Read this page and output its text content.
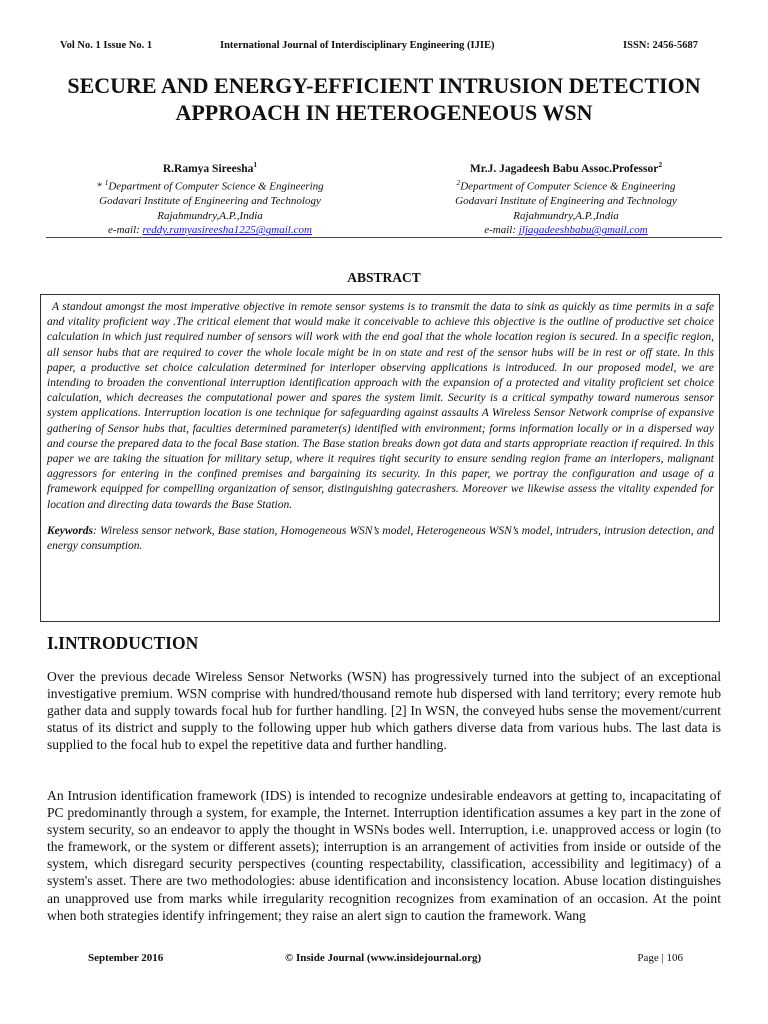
Vol No. 1 Issue No. 1	International Journal of Interdisciplinary Engineering (IJIE)	ISSN: 2456-5687
SECURE AND ENERGY-EFFICIENT INTRUSION DETECTION
APPROACH IN HETEROGENEOUS WSN
R.Ramya Sireesha$^1$
* $^1$Department of Computer Science & Engineering
Godavari Institute of Engineering and Technology
Rajahmundry,A.P.,India
e-mail: reddy.ramyasireesha1225@gmail.com
Mr.J. Jagadeesh Babu Assoc.Professor$^2$
$^2$Department of Computer Science & Engineering
Godavari Institute of Engineering and Technology
Rajahmundry,A.P.,India
e-mail: jljagadeeshbabu@gmail.com
ABSTRACT

A standout amongst the most imperative objective in remote sensor systems is to transmit the data to sink as quickly as time permits in a safe and vitality proficient way .The critical element that would make it conceivable to achieve this objective is the outline of productive set choice calculation in which just required number of sensors will work with the end goal that the whole location region is secured. In a specific region, all sensor hubs that are required to cover the whole locale might be in on state and rest of the sensor hubs will be in rest or off state. In this paper, a productive set choice calculation determined for interloper observing applications is introduced. In our proposed model, we are intending to broaden the conventional interruption identification approach with the expansion of a protected and vitality proficient set choice calculation, which decreases the computational power and spares the system limit. Security is a critical sympathy toward numerous sensor system applications. Interruption location is one technique for safeguarding against assaults A Wireless Sensor Network comprise of expansive gathering of Sensor hubs that, faculties determined parameter(s) identified with environment; forms information locally or in a dispersed way and course the prepared data to the focal Base station. The Base station breaks down got data and starts appropriate reaction if required. In this paper we are taking the situation for military setup, where it requires tight security to ensure sending region frame an interlopers, malignant aggressors for entering in the confined premises and bargaining its security. In this paper, we portray the configuration and usage of a framework equipped for compelling organization of sensor, distinguishing gatecrashers. Moreover we likewise assess the vitality expended for location and directing data towards the Base Station.

Keywords: Wireless sensor network, Base station, Homogeneous WSN’s model, Heterogeneous WSN’s model, intruders, intrusion detection, and energy consumption.

I.INTRODUCTION

Over the previous decade Wireless Sensor Networks (WSN) has progressively turned into the subject of an exceptional investigative premium. WSN comprise with hundred/thousand remote hub dispersed with land territory; every remote hub gather data and supply towards focal hub for further handling. [2] In WSN, the conveyed hubs sense the movement/current status of its district and supply to the following upper hub which gathers diverse data from various hubs. The last data is supplied to the focal hub to expel the repetitive data and further handling.

An Intrusion identification framework (IDS) is intended to recognize undesirable endeavors at getting to, incapacitating of PC predominantly through a system, for example, the Internet. Interruption identification assumes a key part in the zone of system security, so an endeavor to apply the thought in WSNs bodes well. Interruption, i.e. unapproved access or login (to the framework, or the system or different assets); interruption is an arrangement of activities from inside or outside of the system, which disregard security perspectives (counting respectability, classification, accessibility and legitimacy) of a system's asset. There are two methodologies: abuse identification and inconsistency location. Abuse location distinguishes an unapproved use from marks while irregularity recognition recognizes from examination of an occasion. At the point when both strategies identify infringement; they raise an alert sign to caution the framework. Wang

September 2016	© Inside Journal (www.insidejournal.org)	Page | 106
